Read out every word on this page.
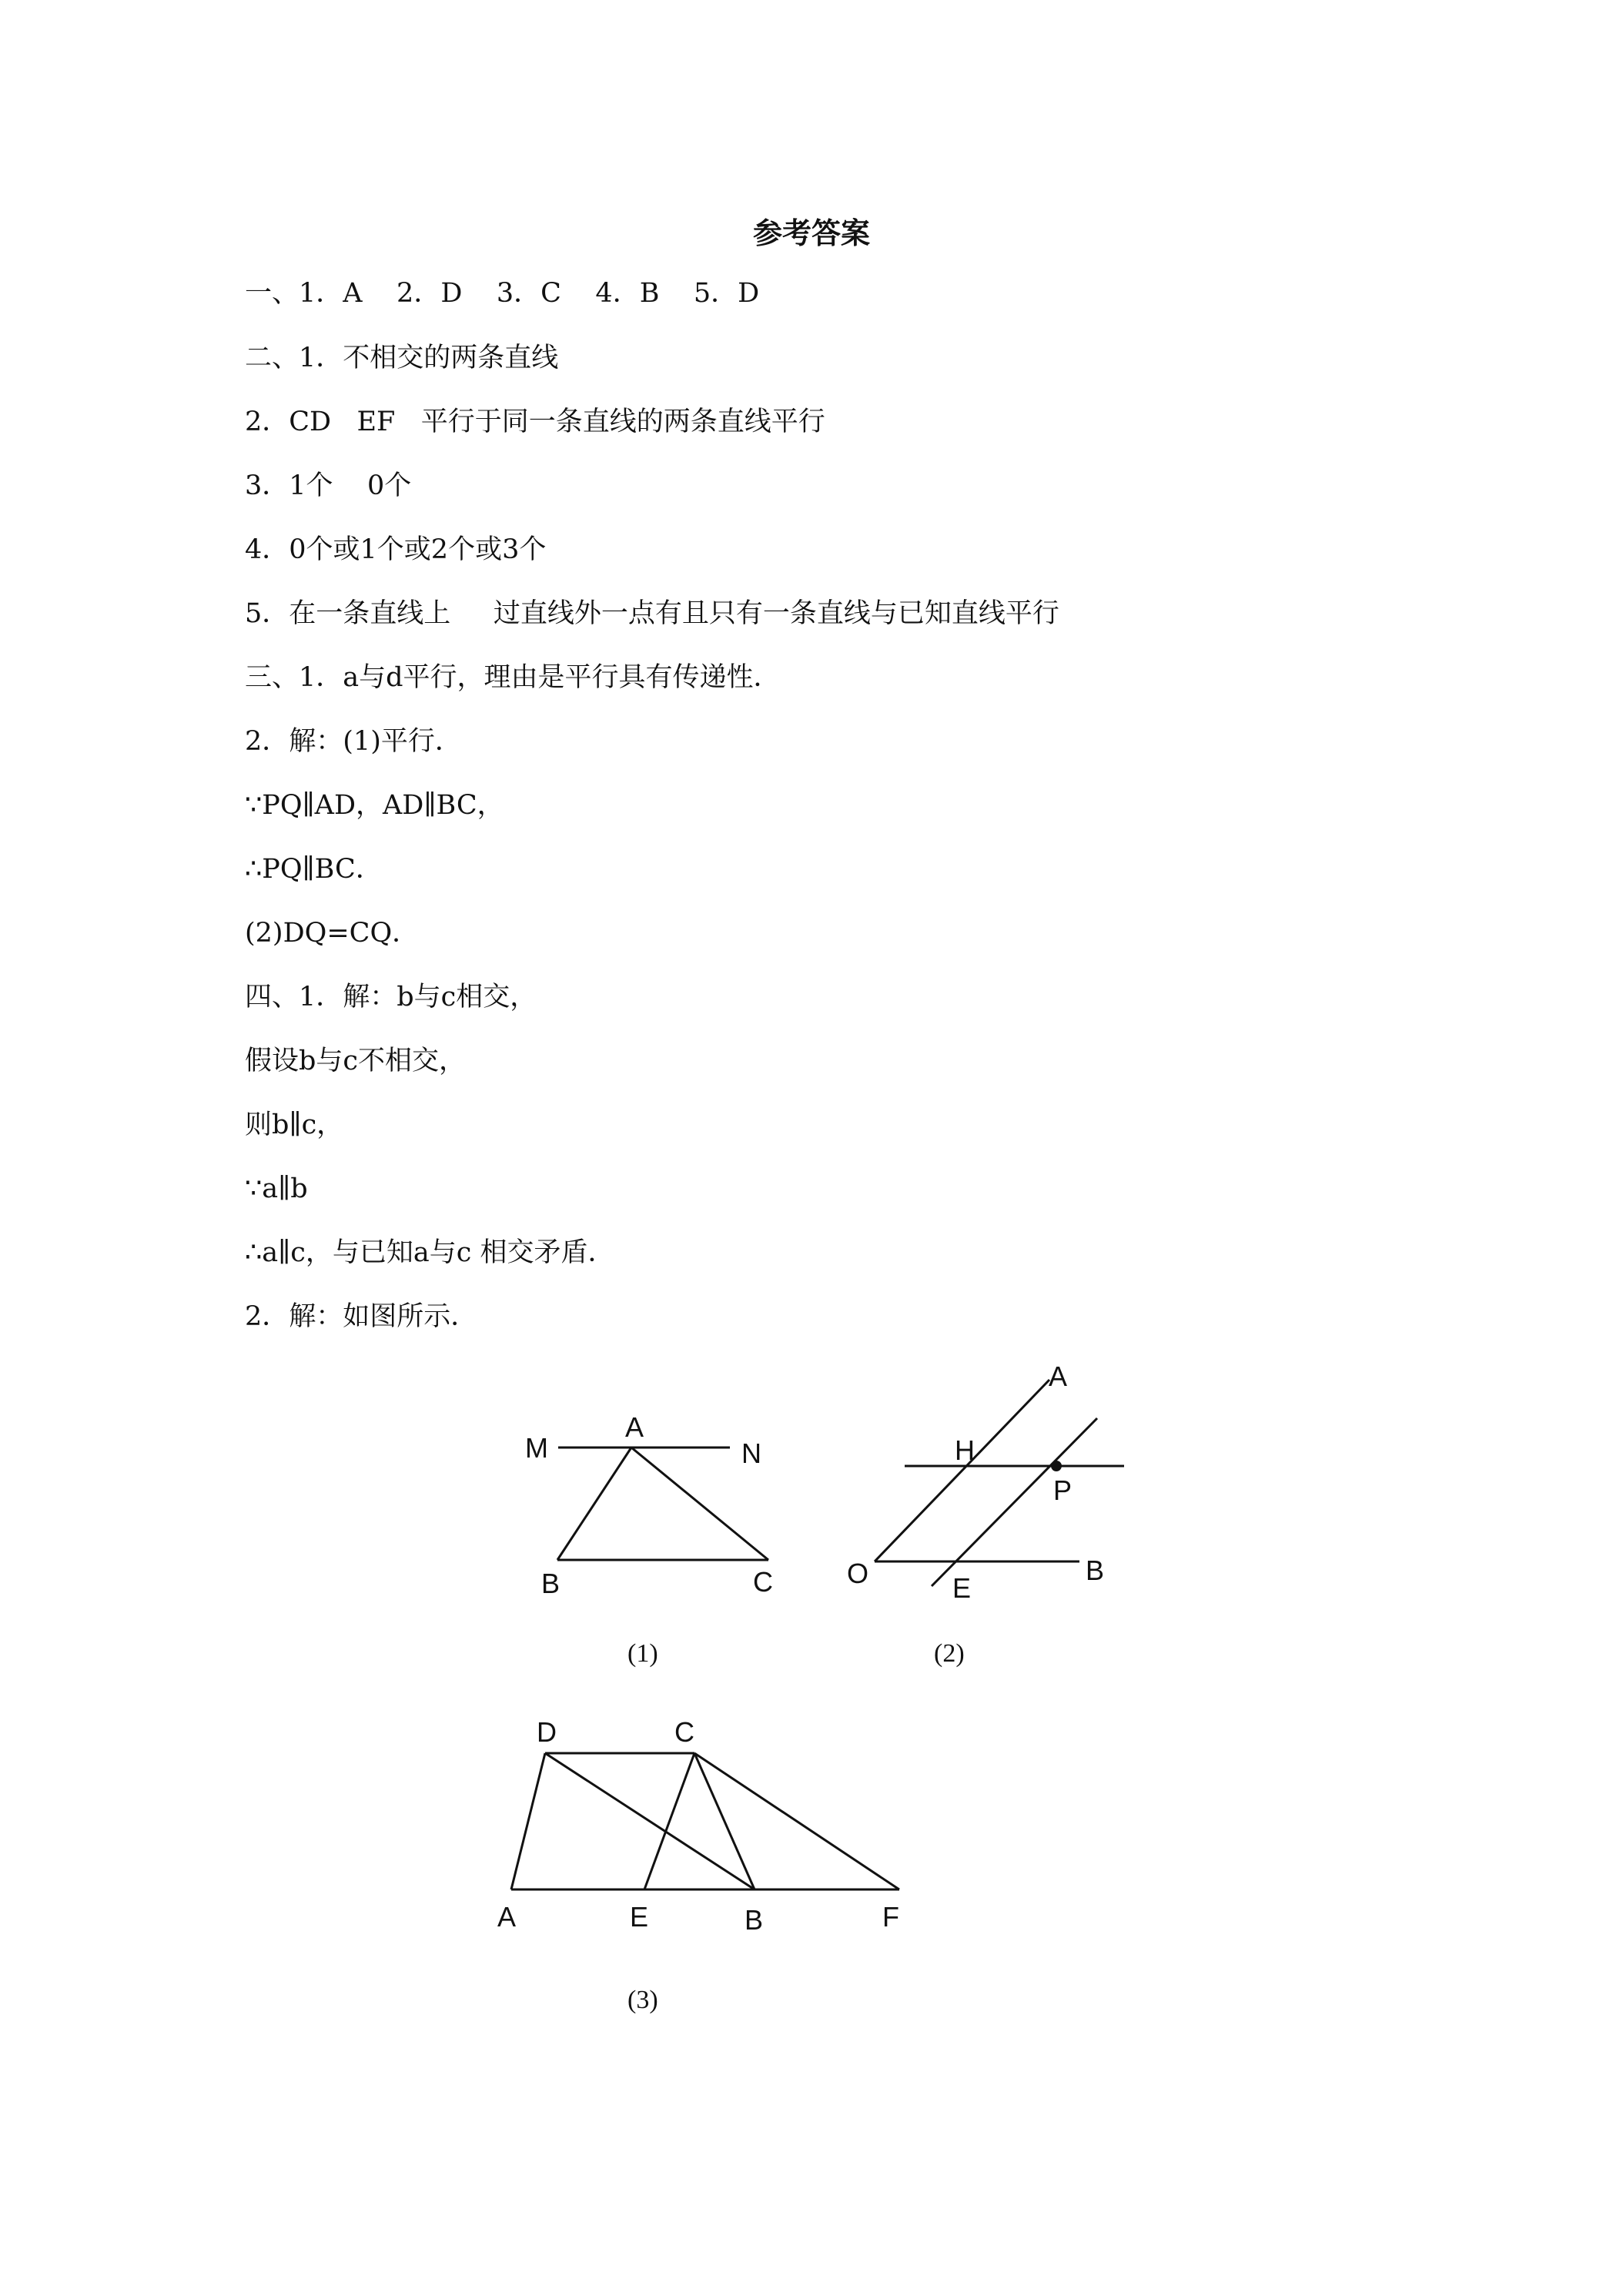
参考答案
一、1．A    2．D    3．C    4．B    5．D
二、1．不相交的两条直线
2．CD   EF   平行于同一条直线的两条直线平行
3．1个    0个
4．0个或1个或2个或3个
5．在一条直线上     过直线外一点有且只有一条直线与已知直线平行
三、1．a与d平行，理由是平行具有传递性．
2．解：(1)平行．
∵PQ∥AD，AD∥BC，
∴PQ∥BC．
(2)DQ=CQ．
四、1．解：b与c相交，
假设b与c不相交，
则b∥c，
∵a∥b
∴a∥c，与已知a与c 相交矛盾．
2．解：如图所示．
M
A
N
B	C
(1)
A
H
P
O	E
B
(2)
D	C
A	E	B	F
(3)
